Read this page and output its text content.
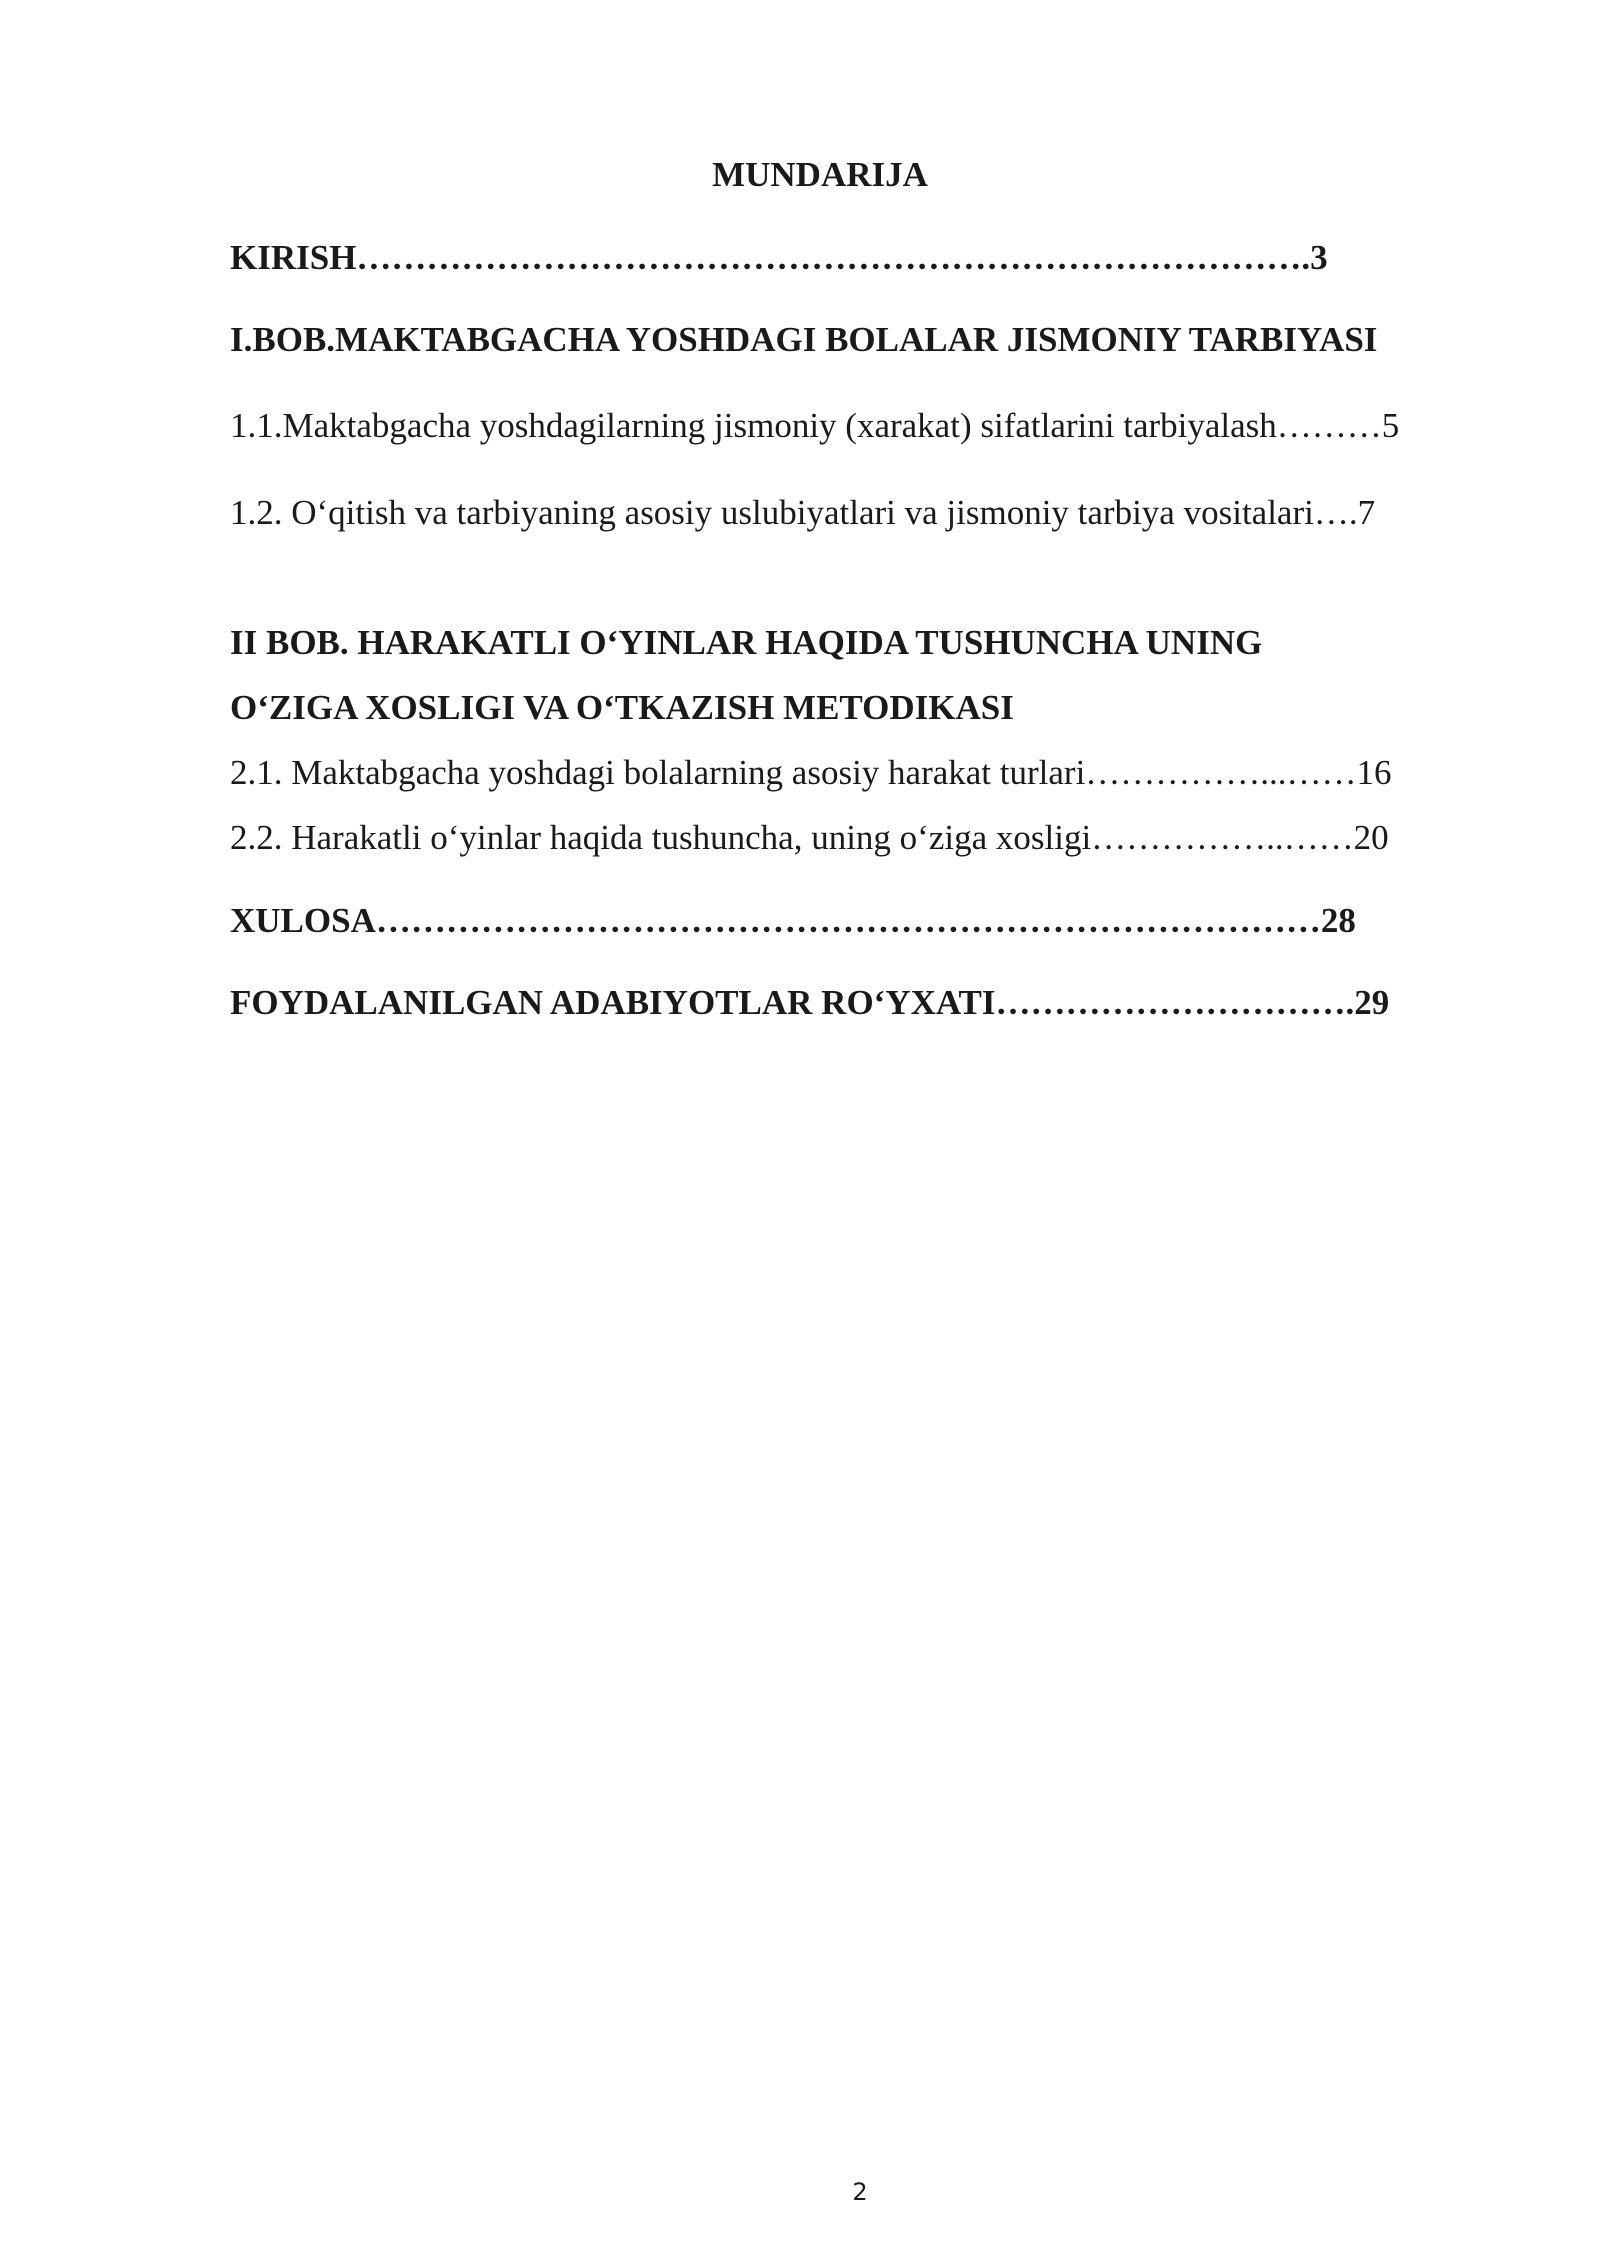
MUNDARIJA

KIRISH……………………………………………………………………….3

I.BOB.MAKTABGACHA YOSHDAGI BOLALAR JISMONIY TARBIYASI

1.1.Maktabgacha yoshdagilarning jismoniy (xarakat) sifatlarini tarbiyalash………5

1.2. O‘qitish va tarbiyaning asosiy uslubiyatlari va jismoniy tarbiya vositalari….7

II BOB. HARAKATLI O‘YINLAR HAQIDA TUSHUNCHA UNING

O‘ZIGA XOSLIGI VA O‘TKAZISH METODIKASI

2.1. Maktabgacha yoshdagi bolalarning asosiy harakat turlari……………...……16

2.2. Harakatli o‘yinlar haqida tushuncha, uning o‘ziga xosligi……………..……20

XULOSA………………………………………………………………………28

FOYDALANILGAN ADABIYOTLAR RO‘YXATI………………………….29

2
